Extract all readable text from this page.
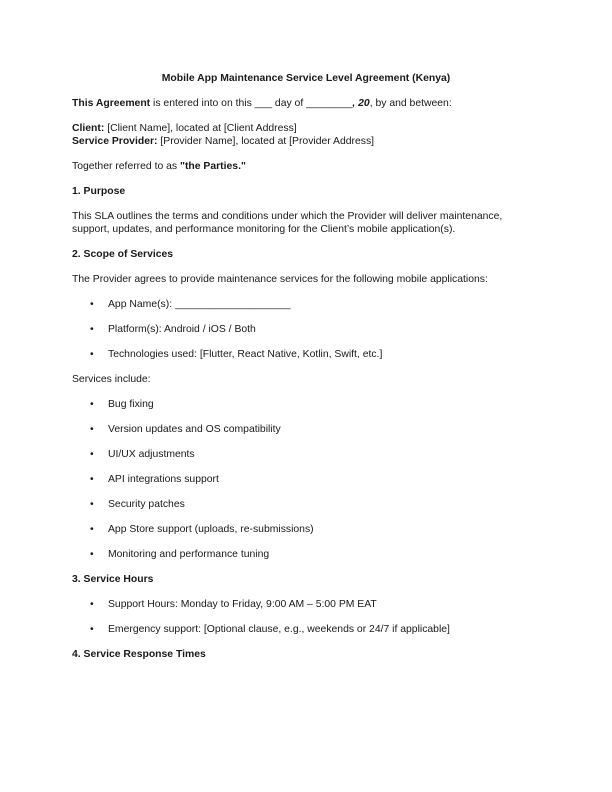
Mobile App Maintenance Service Level Agreement (Kenya)

This Agreement is entered into on this ___ day of ________, 20, by and between:

Client: [Client Name], located at [Client Address]

Service Provider: [Provider Name], located at [Provider Address]

Together referred to as "the Parties."

1. Purpose

This SLA outlines the terms and conditions under which the Provider will deliver maintenance, support, updates, and performance monitoring for the Client’s mobile application(s).

2. Scope of Services

The Provider agrees to provide maintenance services for the following mobile applications:

• App Name(s): ____________________
• Platform(s): Android / iOS / Both
• Technologies used: [Flutter, React Native, Kotlin, Swift, etc.]

Services include:

• Bug fixing
• Version updates and OS compatibility
• UI/UX adjustments
• API integrations support
• Security patches
• App Store support (uploads, re-submissions)
• Monitoring and performance tuning
3. Service Hours
• Support Hours: Monday to Friday, 9:00 AM – 5:00 PM EAT
• Emergency support: [Optional clause, e.g., weekends or 24/7 if applicable]
4. Service Response Times
